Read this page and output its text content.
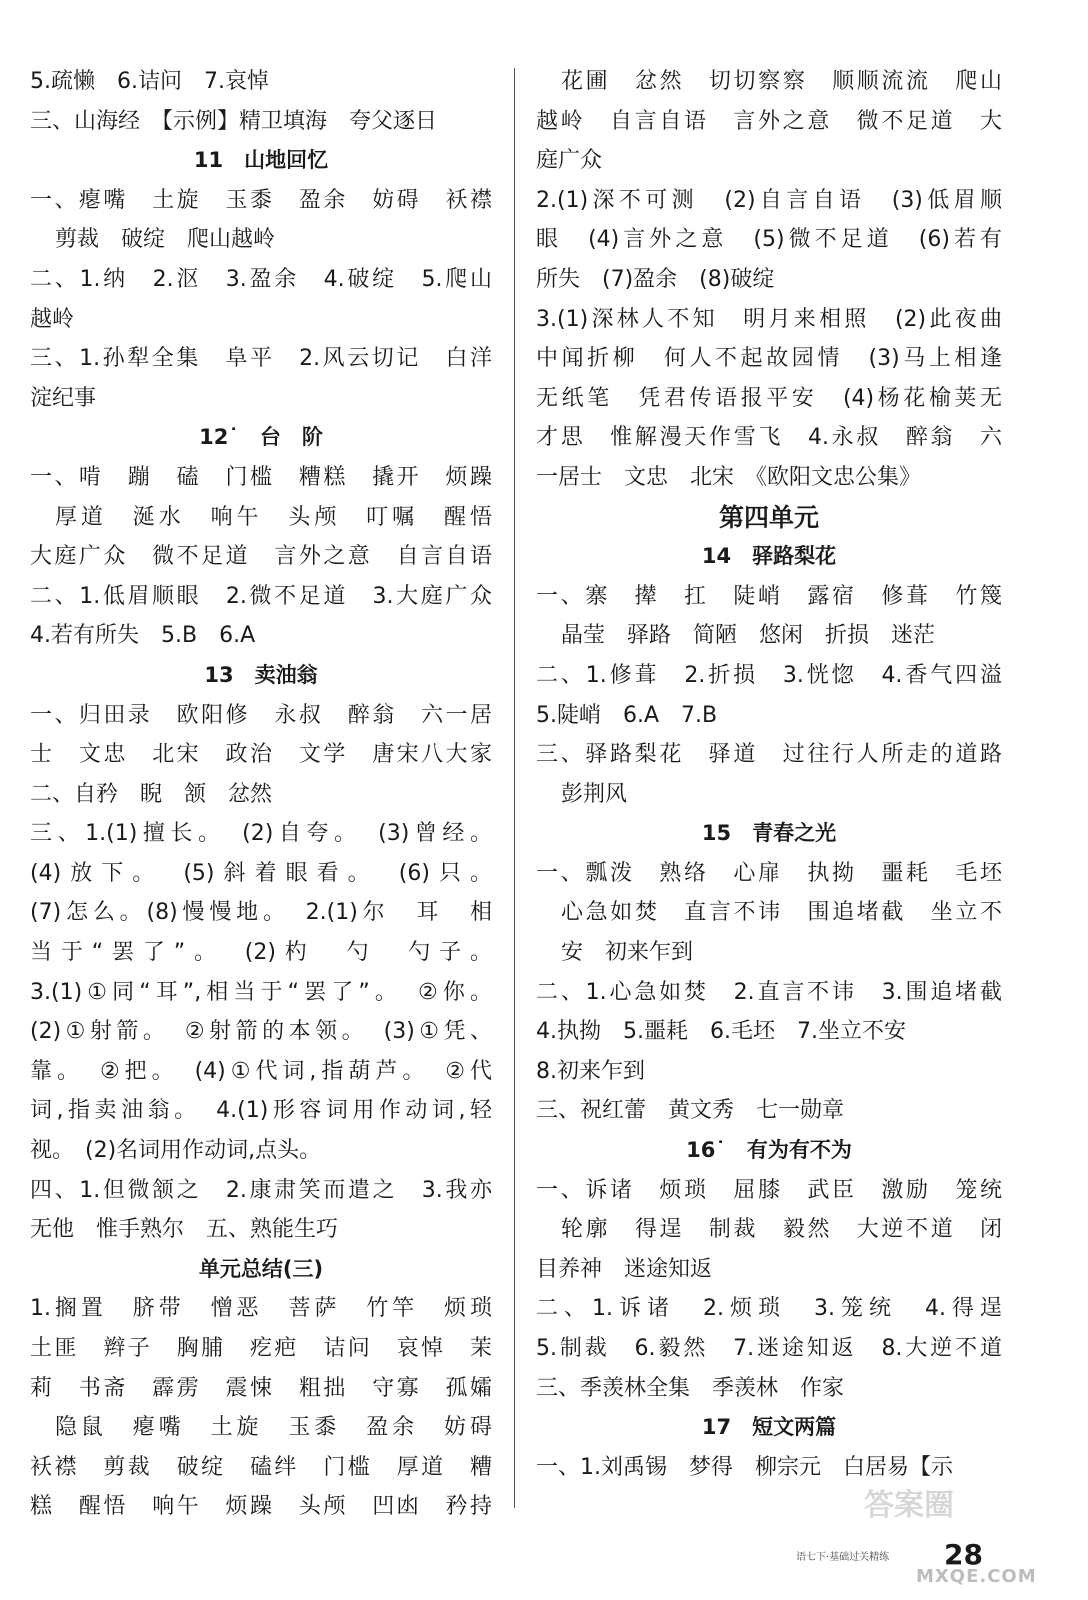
5.疏懒　6.诘问　7.哀悼
三、山海经　【示例】精卫填海　夸父逐日
11　山地回忆
一、瘪嘴　土旋　玉黍　盈余　妨碍　袄襟
剪裁　破绽　爬山越岭
二、1.纳　2.沤　3.盈余　4.破绽　5.爬山
越岭
三、1.孙犁全集　阜平　2.风云切记　白洋
淀纪事
12˙　台　阶
一、啃　蹦　磕　门槛　糟糕　撬开　烦躁
厚道　涎水　响午　头颅　叮嘱　醒悟
大庭广众　微不足道　言外之意　自言自语
二、1.低眉顺眼　2.微不足道　3.大庭广众
4.若有所失　5.B　6.A
13　卖油翁
一、归田录　欧阳修　永叔　醉翁　六一居
士　文忠　北宋　政治　文学　唐宋八大家
二、自矜　睨　颔　忿然
三、1.(1)擅长。　(2)自夸。　(3)曾经。
(4)放下。　(5)斜着眼看。　(6)只。
(7)怎么。(8)慢慢地。　2.(1)尔　耳　相
当于“罢了”。　(2)杓　勺　勺子。
3.(1)①同“耳”,相当于“罢了”。　②你。
(2)①射箭。　②射箭的本领。　(3)①凭、
靠。　②把。　(4)①代词,指葫芦。　②代
词,指卖油翁。　4.(1)形容词用作动词,轻
视。　(2)名词用作动词,点头。
四、1.但微颔之　2.康肃笑而遣之　3.我亦
无他　惟手熟尔　五、熟能生巧
单元总结(三)
1.搁置　脐带　憎恶　菩萨　竹竿　烦琐
土匪　辫子　胸脯　疙疤　诘问　哀悼　茉
莉　书斋　霹雳　震悚　粗拙　守寡　孤孀
隐鼠　瘪嘴　土旋　玉黍　盈余　妨碍
袄襟　剪裁　破绽　磕绊　门槛　厚道　糟
糕　醒悟　响午　烦躁　头颅　凹凼　矜持
花圃　忿然　切切察察　顺顺流流　爬山
越岭　自言自语　言外之意　微不足道　大
庭广众
2.(1)深不可测　(2)自言自语　(3)低眉顺
眼　(4)言外之意　(5)微不足道　(6)若有
所失　(7)盈余　(8)破绽
3.(1)深林人不知　明月来相照　(2)此夜曲
中闻折柳　何人不起故园情　(3)马上相逢
无纸笔　凭君传语报平安　(4)杨花榆荚无
才思　惟解漫天作雪飞　4.永叔　醉翁　六
一居士　文忠　北宋　《欧阳文忠公集》
第四单元
14　驿路梨花
一、寨　撵　扛　陡峭　露宿　修葺　竹篾
晶莹　驿路　简陋　悠闲　折损　迷茫
二、1.修葺　2.折损　3.恍惚　4.香气四溢
5.陡峭　6.A　7.B
三、驿路梨花　驿道　过往行人所走的道路
彭荆风
15　青春之光
一、瓢泼　熟络　心扉　执拗　噩耗　毛坯
心急如焚　直言不讳　围追堵截　坐立不
安　初来乍到
二、1.心急如焚　2.直言不讳　3.围追堵截
4.执拗　5.噩耗　6.毛坯　7.坐立不安
8.初来乍到
三、祝红蕾　黄文秀　七一勋章
16˙　有为有不为
一、诉诸　烦琐　屈膝　武臣　激励　笼统
轮廓　得逞　制裁　毅然　大逆不道　闭
目养神　迷途知返
二、1.诉诸　2.烦琐　3.笼统　4.得逞
5.制裁　6.毅然　7.迷途知返　8.大逆不道
三、季羡林全集　季羡林　作家
17　短文两篇
一、1.刘禹锡　梦得　柳宗元　白居易【示
语七下·基础过关精练 28
答案圈
MXQE.COM
